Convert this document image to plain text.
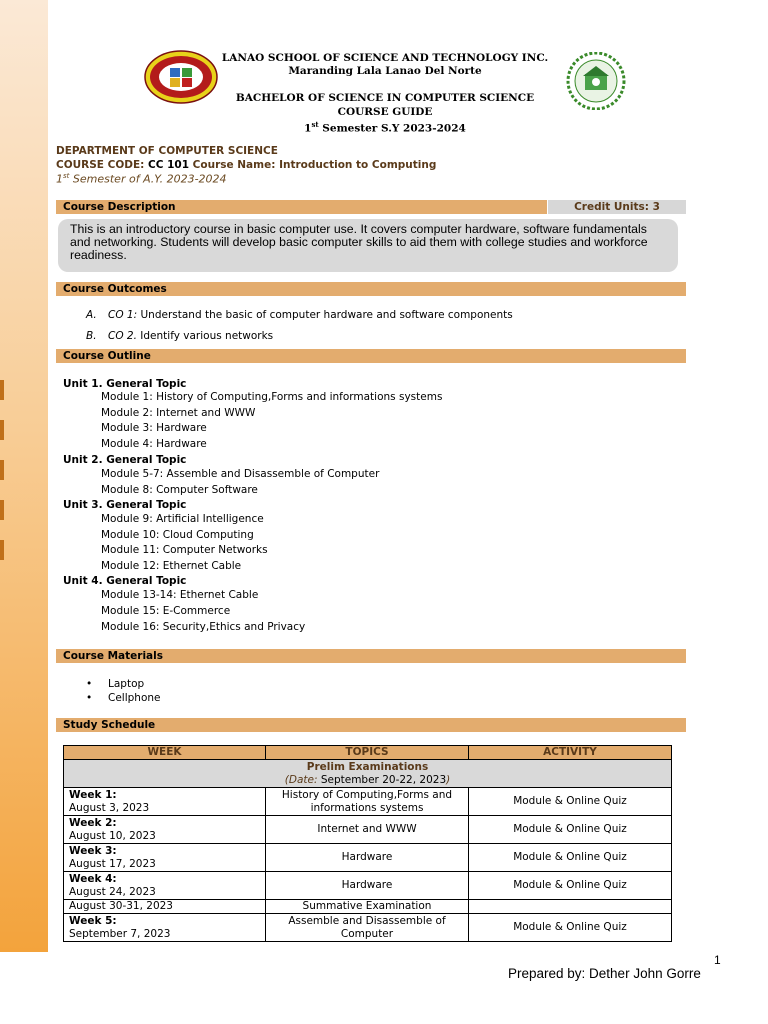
LANAO SCHOOL OF SCIENCE AND TECHNOLOGY INC.
Maranding Lala Lanao Del Norte
BACHELOR OF SCIENCE IN COMPUTER SCIENCE
COURSE GUIDE
1st Semester S.Y 2023-2024
DEPARTMENT OF COMPUTER SCIENCE
COURSE CODE: CC 101 Course Name: Introduction to Computing
1st Semester of A.Y. 2023-2024
Course Description	Credit Units: 3
This is an introductory course in basic computer use. It covers computer hardware, software fundamentals and networking. Students will develop basic computer skills to aid them with college studies and workforce readiness.
Course Outcomes
A. CO 1: Understand the basic of computer hardware and software components
B. CO 2. Identify various networks
Course Outline
Unit 1. General Topic
Module 1: History of Computing,Forms and informations systems
Module 2: Internet and WWW
Module 3: Hardware
Module 4: Hardware
Unit 2. General Topic
Module 5-7: Assemble and Disassemble of Computer
Module 8: Computer Software
Unit 3. General Topic
Module 9: Artificial Intelligence
Module 10: Cloud Computing
Module 11: Computer Networks
Module 12: Ethernet Cable
Unit 4. General Topic
Module 13-14: Ethernet Cable
Module 15: E-Commerce
Module 16: Security,Ethics and Privacy
Course Materials
• Laptop
• Cellphone
Study Schedule
WEEK	TOPICS	ACTIVITY

Prelim Examinations
(Date: September 20-22, 2023)		

Week 1:
August 3, 2023	History of Computing,Forms and informations systems	Module & Online Quiz

Week 2:
August 10, 2023	Internet and WWW	Module & Online Quiz

Week 3:
August 17, 2023	Hardware	Module & Online Quiz

Week 4:
August 24, 2023	Hardware	Module & Online Quiz
August 30-31, 2023	Summative Examination	

Week 5:
September 7, 2023	Assemble and Disassemble of Computer	Module & Online Quiz
1
Prepared by: Dether John Gorre
